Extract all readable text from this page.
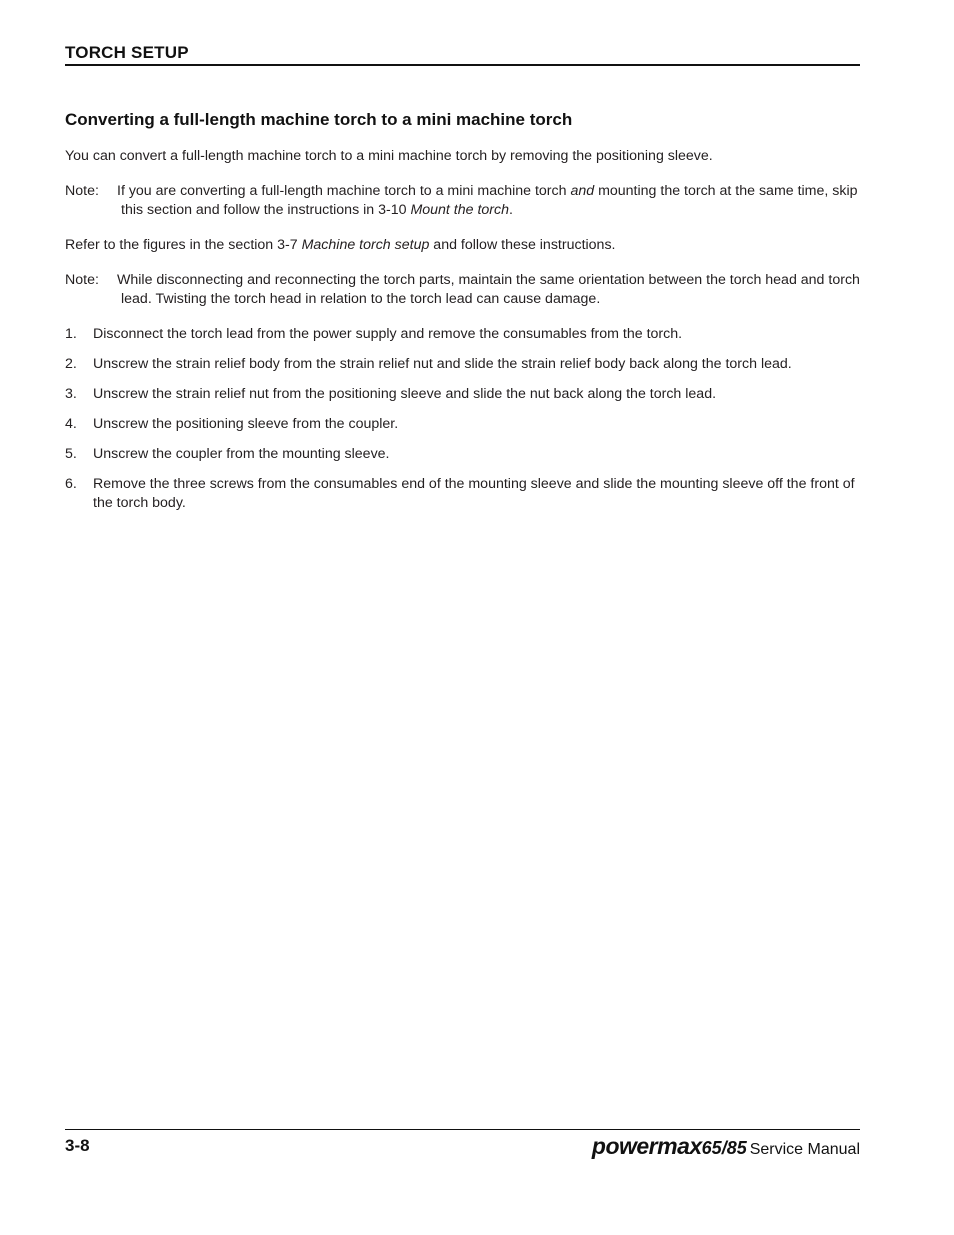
TORCH SETUP
Converting a full-length machine torch to a mini machine torch

You can convert a full-length machine torch to a mini machine torch by removing the positioning sleeve.

Note: If you are converting a full-length machine torch to a mini machine torch and mounting the torch at the same time, skip this section and follow the instructions in 3-10 Mount the torch.

Refer to the figures in the section 3-7 Machine torch setup and follow these instructions.

Note: While disconnecting and reconnecting the torch parts, maintain the same orientation between the torch head and torch lead. Twisting the torch head in relation to the torch lead can cause damage.

1. Disconnect the torch lead from the power supply and remove the consumables from the torch.
2. Unscrew the strain relief body from the strain relief nut and slide the strain relief body back along the torch lead.
3. Unscrew the strain relief nut from the positioning sleeve and slide the nut back along the torch lead.
4. Unscrew the positioning sleeve from the coupler.
5. Unscrew the coupler from the mounting sleeve.
6. Remove the three screws from the consumables end of the mounting sleeve and slide the mounting sleeve off the front of the torch body.
3-8	powermax65/85 Service Manual
